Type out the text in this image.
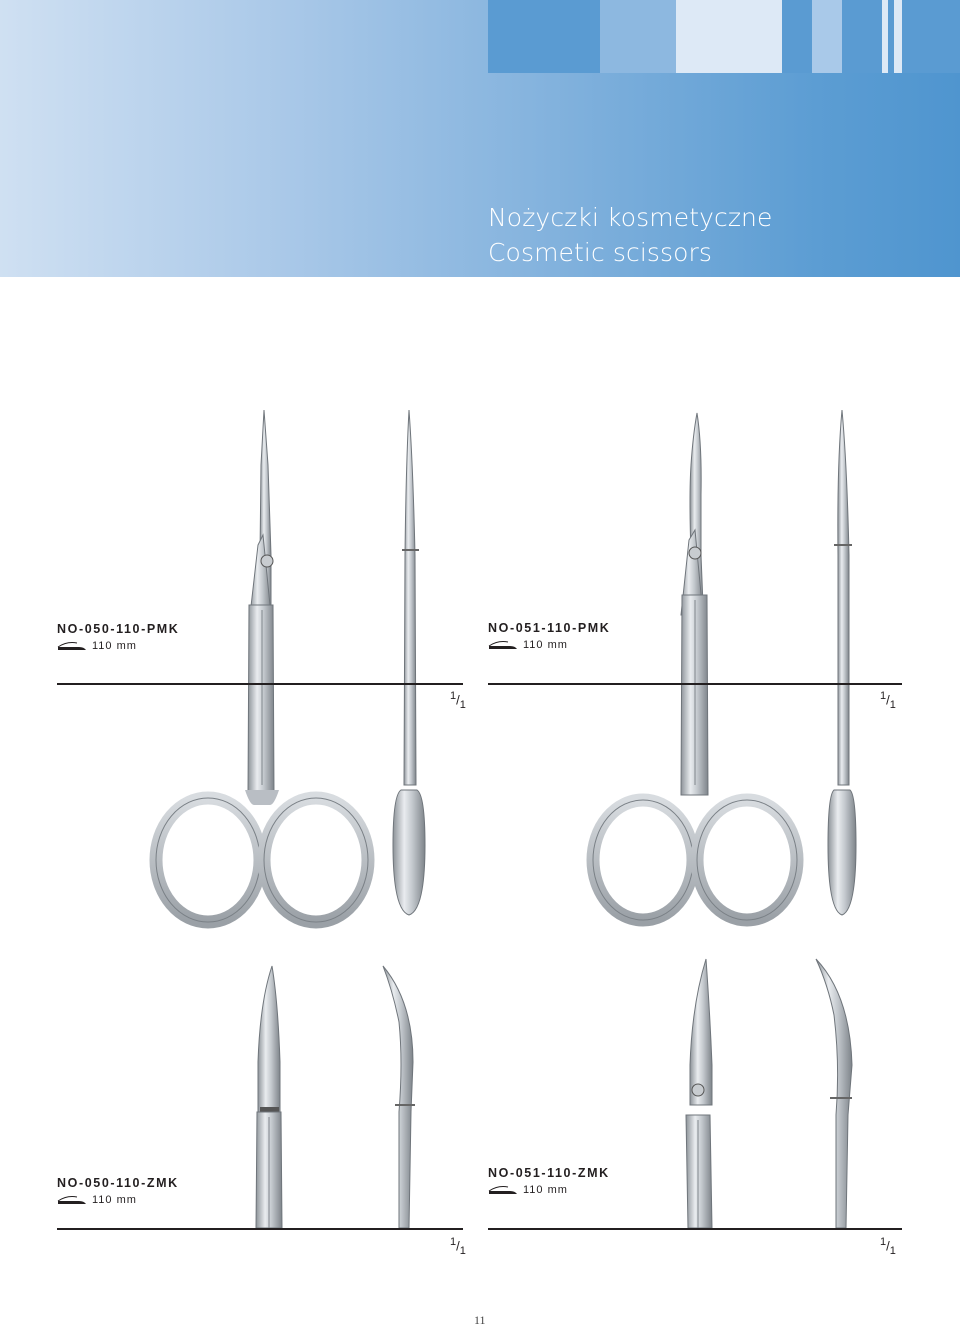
Nożyczki kosmetyczne
Cosmetic scissors
NO-050-110-PMK
110 mm
$^1/_1$
NO-051-110-PMK
110 mm
$^1/_1$
NO-050-110-ZMK
110 mm
$^1/_1$
NO-051-110-ZMK
110 mm
$^1/_1$
11
